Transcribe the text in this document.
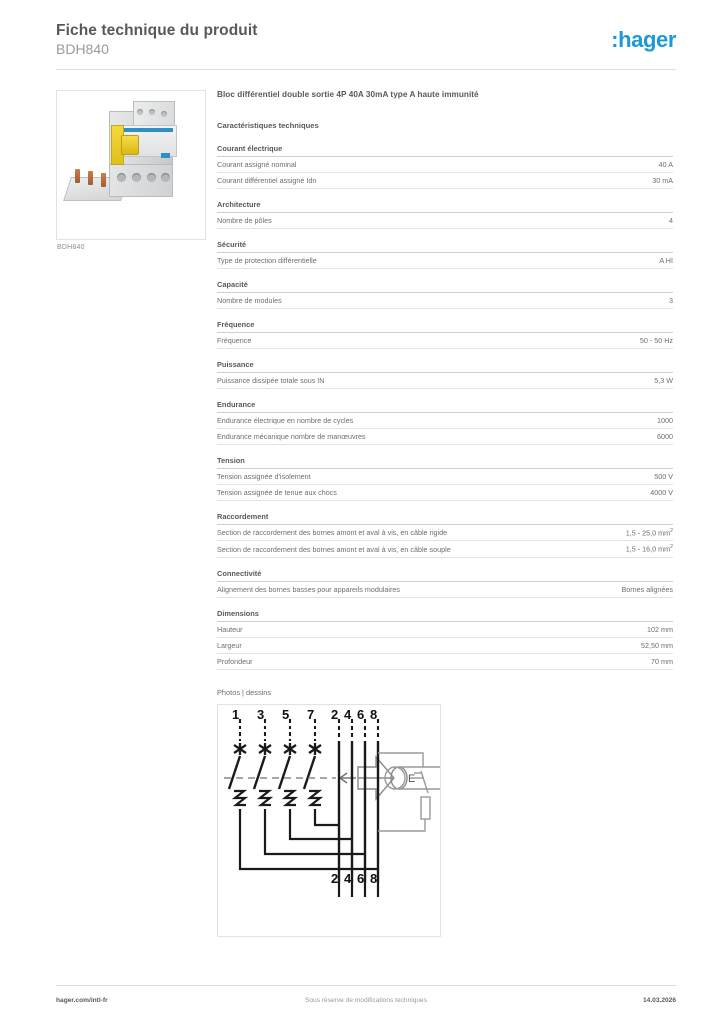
Fiche technique du produit
BDH840	:hager
BDH840
Bloc différentiel double sortie 4P 40A 30mA type A haute immunité
Caractéristiques techniques
Courant électrique
Courant assigné nominal	40 A
Courant différentiel assigné Idn	30 mA
Architecture
Nombre de pôles	4
Sécurité
Type de protection différentielle	A HI
Capacité
Nombre de modules	3
Fréquence
Fréquence	50 - 50 Hz
Puissance
Puissance dissipée totale sous IN	5,3 W
Endurance
Endurance électrique en nombre de cycles	1000
Endurance mécanique nombre de manœuvres	6000
Tension
Tension assignée d'isolement	500 V
Tension assignée de tenue aux chocs	4000 V
Raccordement
Section de raccordement des bornes amont et aval à vis, en câble rigide	1,5 - 25,0 $mm^2$
Section de raccordement des bornes amont et aval à vis, en câble souple	1,5 - 16,0 $mm^2$
Connectivité
Alignement des bornes basses pour appareils modulaires	Bornes alignées
Dimensions
Hauteur	102 mm
Largeur	52,50 mm
Profondeur	70 mm
Photos | dessins
1 3 5 7 2 4 6 8
2 4 6 8
E
hager.com/intl-fr	Sous réserve de modifications techniques	14.03.2026
